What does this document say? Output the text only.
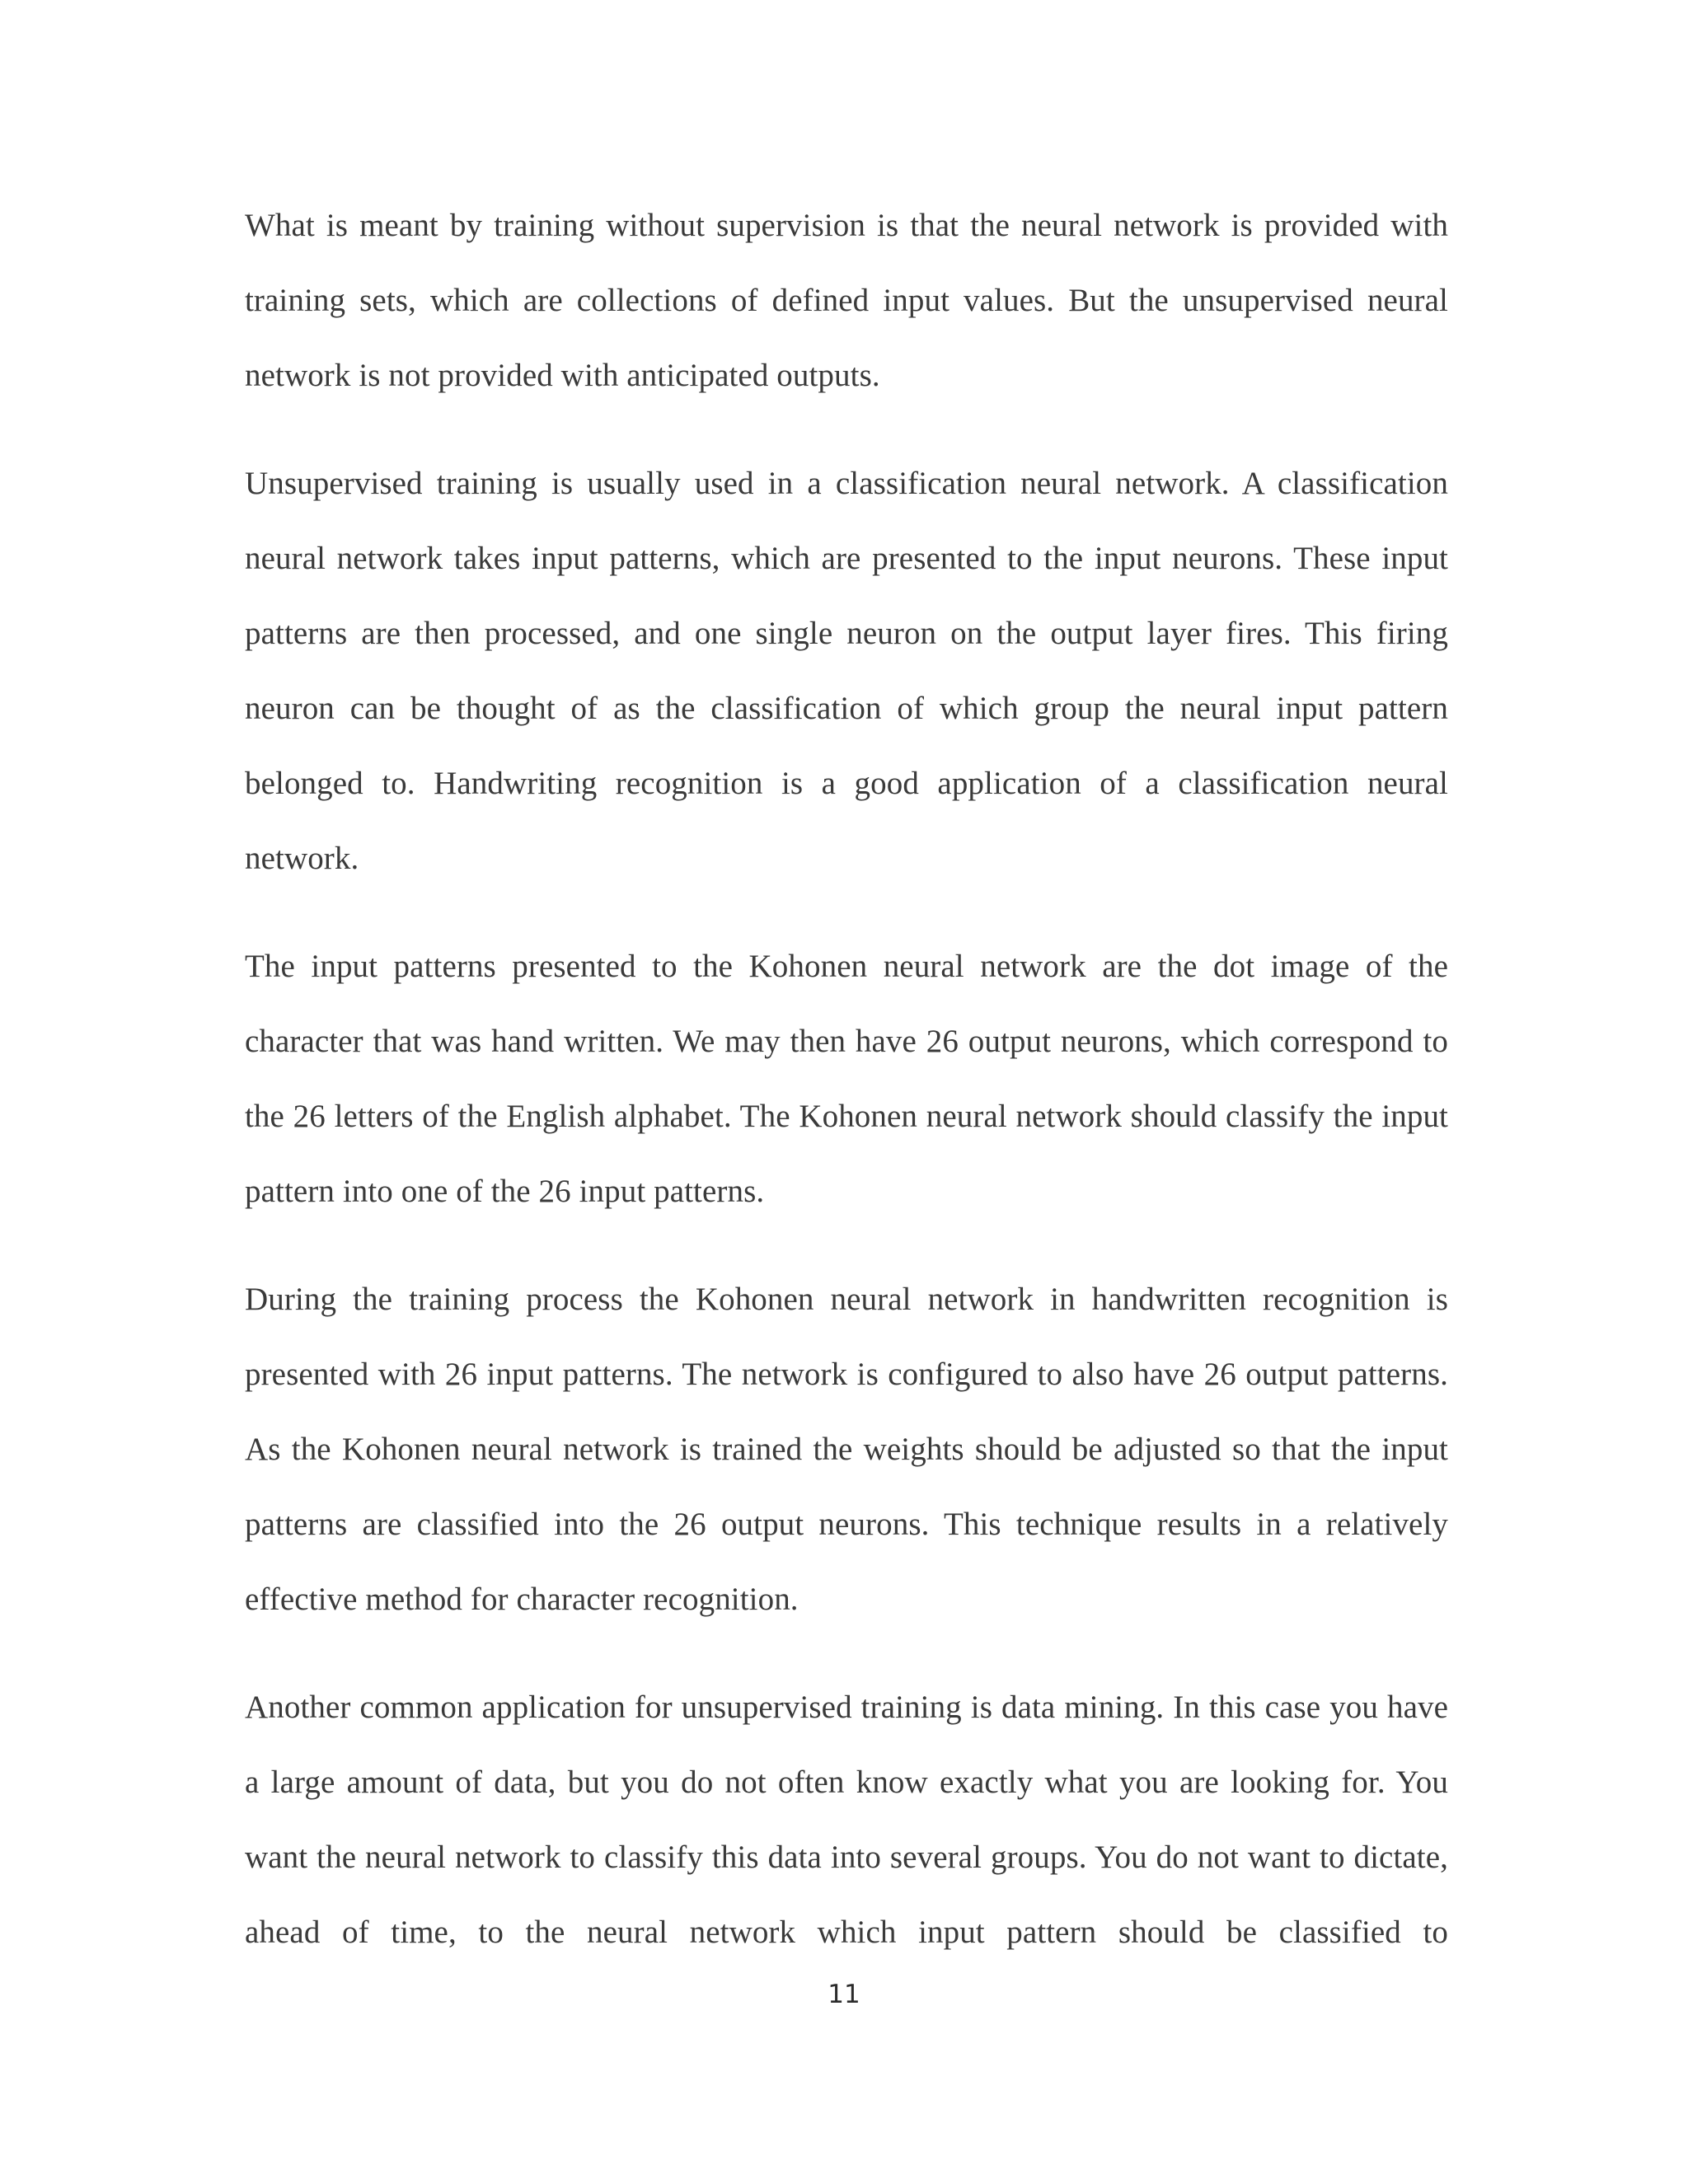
What is meant by training without supervision is that the neural network is provided with training sets, which are collections of defined input values. But the unsupervised neural network is not provided with anticipated outputs.

Unsupervised training is usually used in a classification neural network. A classification neural network takes input patterns, which are presented to the input neurons. These input patterns are then processed, and one single neuron on the output layer fires. This firing neuron can be thought of as the classification of which group the neural input pattern belonged to. Handwriting recognition is a good application of a classification neural network.

The input patterns presented to the Kohonen neural network are the dot image of the character that was hand written. We may then have 26 output neurons, which correspond to the 26 letters of the English alphabet. The Kohonen neural network should classify the input pattern into one of the 26 input patterns.

During the training process the Kohonen neural network in handwritten recognition is presented with 26 input patterns. The network is configured to also have 26 output patterns. As the Kohonen neural network is trained the weights should be adjusted so that the input patterns are classified into the 26 output neurons. This technique results in a relatively effective method for character recognition.

Another common application for unsupervised training is data mining. In this case you have a large amount of data, but you do not often know exactly what you are looking for. You want the neural network to classify this data into several groups. You do not want to dictate, ahead of time, to the neural network which input pattern should be classified to

11
